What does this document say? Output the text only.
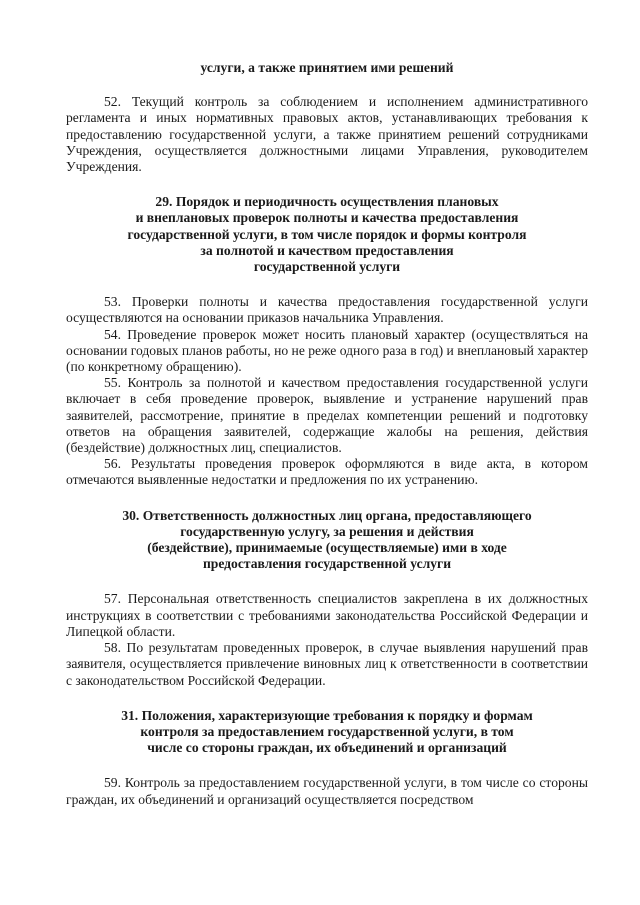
услуги, а также принятием ими решений

52. Текущий контроль за соблюдением и исполнением административного регламента и иных нормативных правовых актов, устанавливающих требования к предоставлению государственной услуги, а также принятием решений сотрудниками Учреждения, осуществляется должностными лицами Управления, руководителем Учреждения.

29. Порядок и периодичность осуществления плановых
и внеплановых проверок полноты и качества предоставления
государственной услуги, в том числе порядок и формы контроля
за полнотой и качеством предоставления
государственной услуги

53. Проверки полноты и качества предоставления государственной услуги осуществляются на основании приказов начальника Управления.

54. Проведение проверок может носить плановый характер (осуществляться на основании годовых планов работы, но не реже одного раза в год) и внеплановый характер (по конкретному обращению).

55. Контроль за полнотой и качеством предоставления государственной услуги включает в себя проведение проверок, выявление и устранение нарушений прав заявителей, рассмотрение, принятие в пределах компетенции решений и подготовку ответов на обращения заявителей, содержащие жалобы на решения, действия (бездействие) должностных лиц, специалистов.

56. Результаты проведения проверок оформляются в виде акта, в котором отмечаются выявленные недостатки и предложения по их устранению.

30. Ответственность должностных лиц органа, предоставляющего
государственную услугу, за решения и действия
(бездействие), принимаемые (осуществляемые) ими в ходе
предоставления государственной услуги

57. Персональная ответственность специалистов закреплена в их должностных инструкциях в соответствии с требованиями законодательства Российской Федерации и Липецкой области.

58. По результатам проведенных проверок, в случае выявления нарушений прав заявителя, осуществляется привлечение виновных лиц к ответственности в соответствии с законодательством Российской Федерации.

31. Положения, характеризующие требования к порядку и формам
контроля за предоставлением государственной услуги, в том
числе со стороны граждан, их объединений и организаций

59. Контроль за предоставлением государственной услуги, в том числе со стороны граждан, их объединений и организаций осуществляется посредством
